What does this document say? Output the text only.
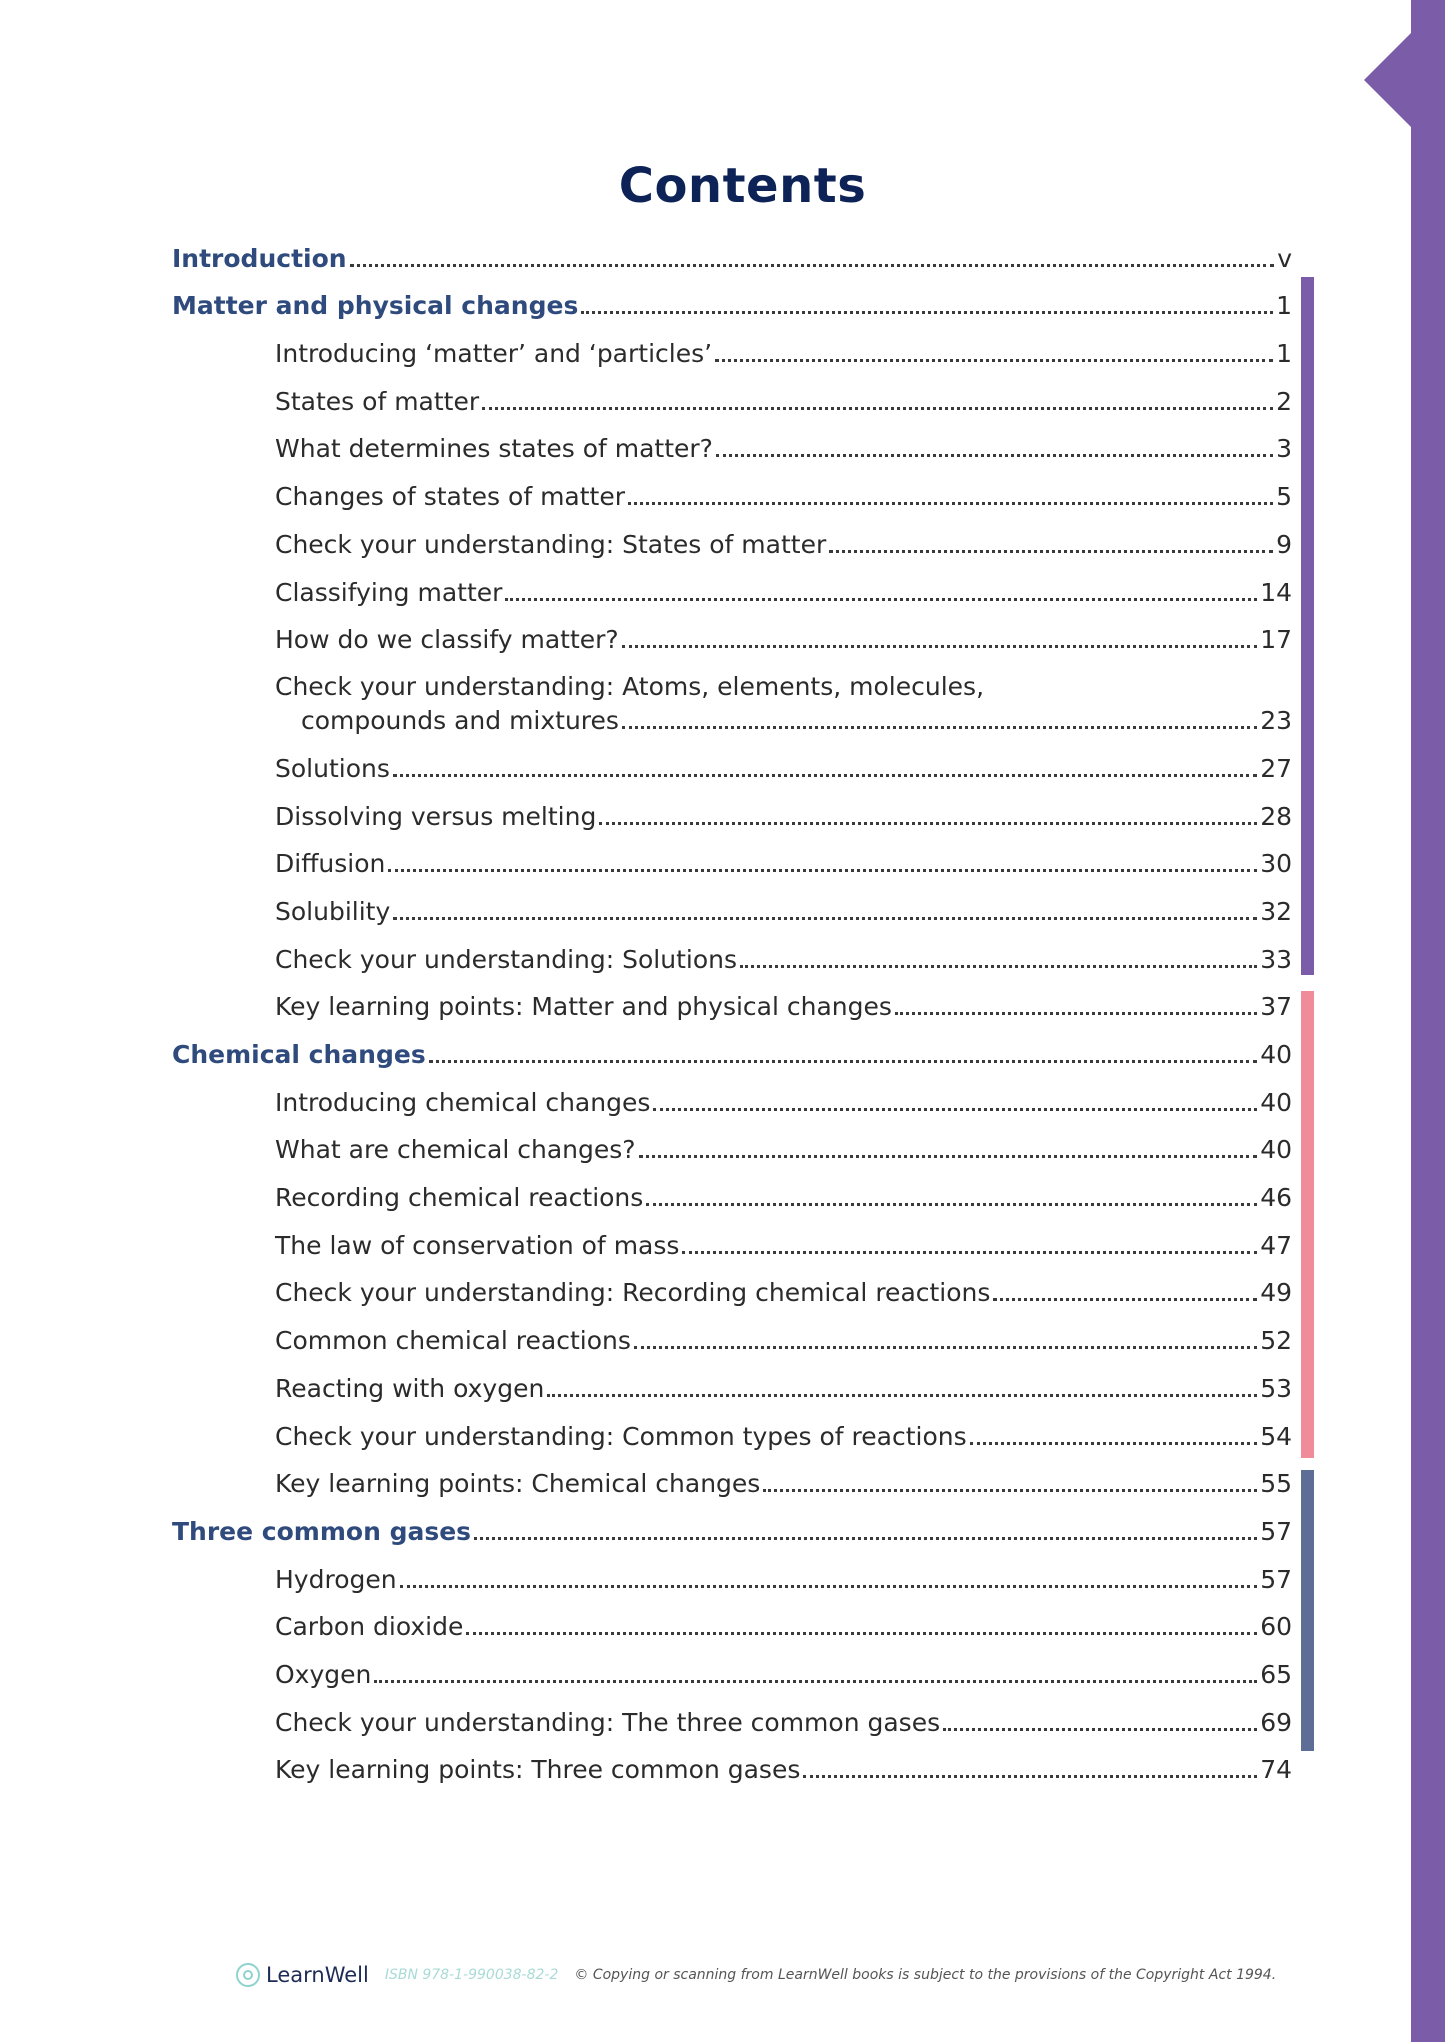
Contents
Introduction	v
Matter and physical changes	1
Introducing ‘matter’ and ‘particles’	1
States of matter	2
What determines states of matter?	3
Changes of states of matter	5
Check your understanding: States of matter	9
Classifying matter	14
How do we classify matter?	17
Check your understanding: Atoms, elements, molecules,
compounds and mixtures	23
Solutions	27
Dissolving versus melting	28
Diffusion	30
Solubility	32
Check your understanding: Solutions	33
Key learning points: Matter and physical changes	37
Chemical changes	40
Introducing chemical changes	40
What are chemical changes?	40
Recording chemical reactions	46
The law of conservation of mass	47
Check your understanding: Recording chemical reactions	49
Common chemical reactions	52
Reacting with oxygen	53
Check your understanding: Common types of reactions	54
Key learning points: Chemical changes	55
Three common gases	57
Hydrogen	57
Carbon dioxide	60
Oxygen	65
Check your understanding: The three common gases	69
Key learning points: Three common gases	74
LearnWell ISBN 978-1-990038-82-2 © Copying or scanning from LearnWell books is subject to the provisions of the Copyright Act 1994.
